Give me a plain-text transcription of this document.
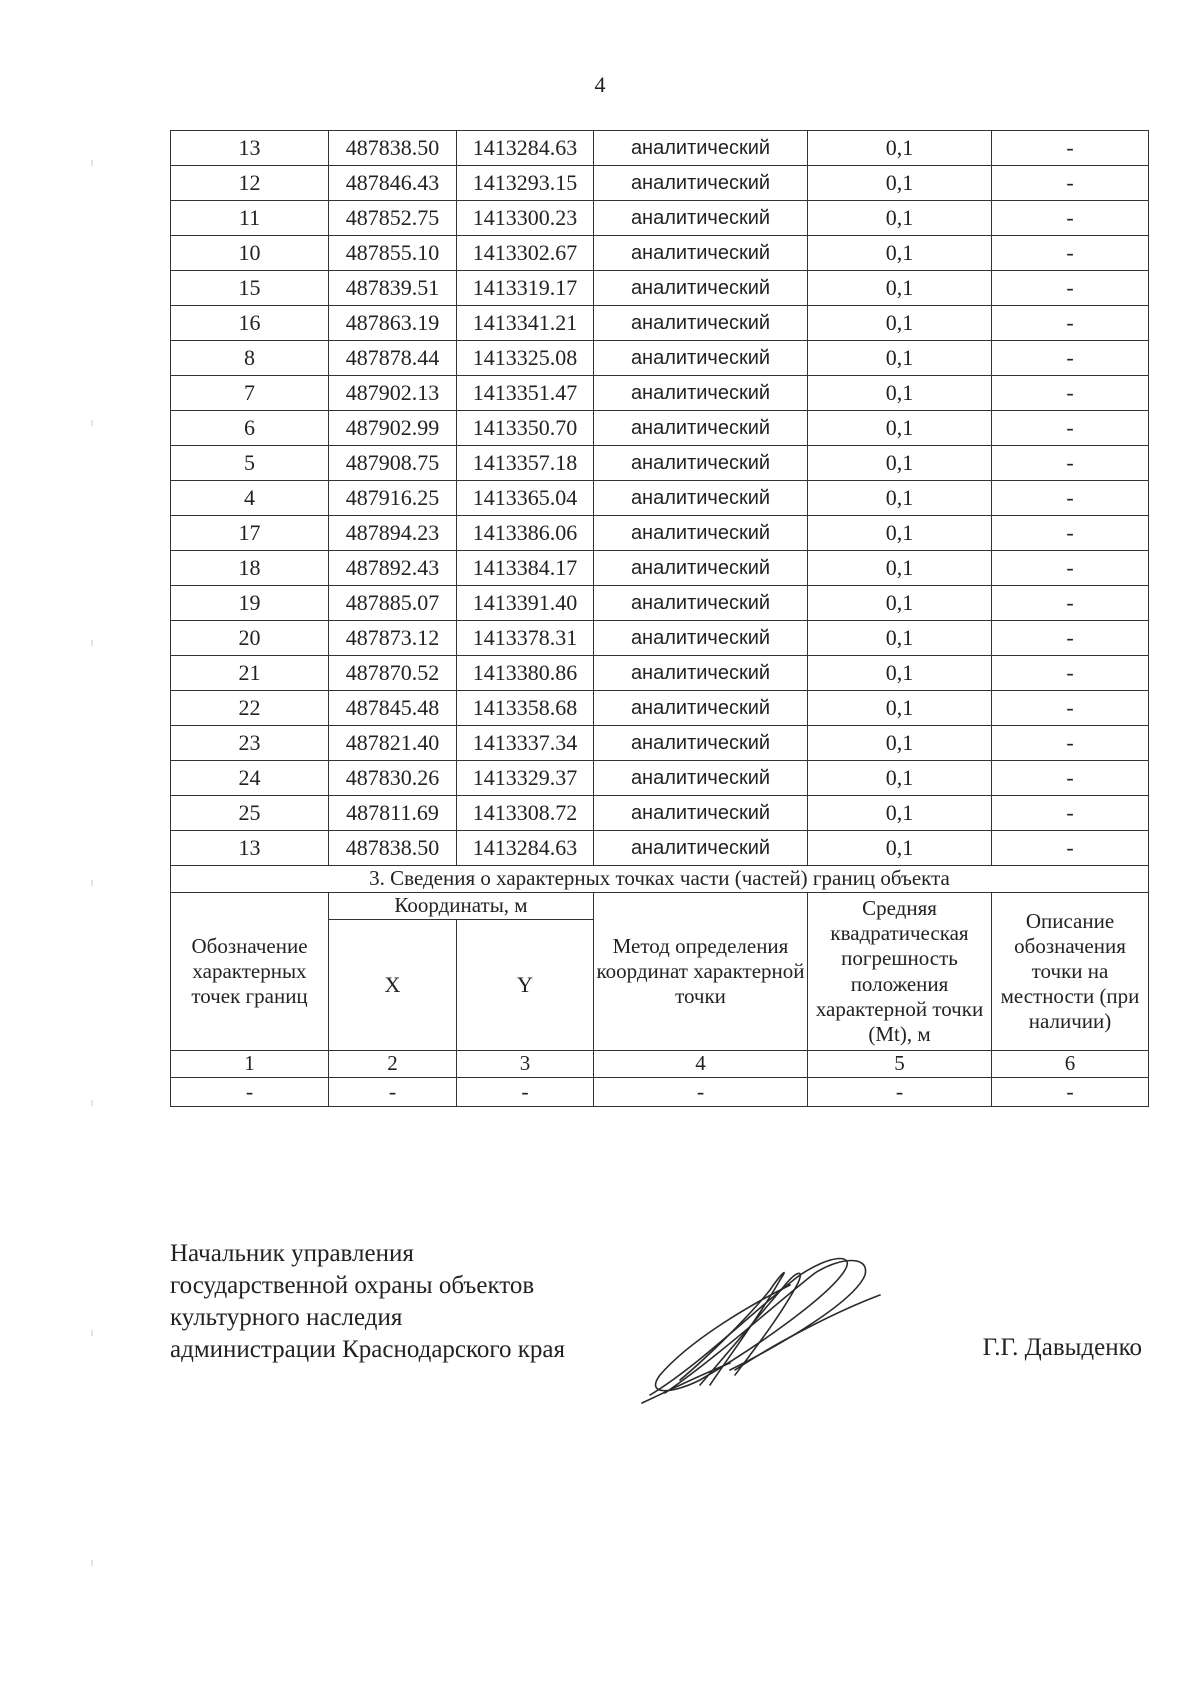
4
13	487838.50	1413284.63	аналитический	0,1	-
12	487846.43	1413293.15	аналитический	0,1	-
11	487852.75	1413300.23	аналитический	0,1	-
10	487855.10	1413302.67	аналитический	0,1	-
15	487839.51	1413319.17	аналитический	0,1	-
16	487863.19	1413341.21	аналитический	0,1	-
8	487878.44	1413325.08	аналитический	0,1	-
7	487902.13	1413351.47	аналитический	0,1	-
6	487902.99	1413350.70	аналитический	0,1	-
5	487908.75	1413357.18	аналитический	0,1	-
4	487916.25	1413365.04	аналитический	0,1	-
17	487894.23	1413386.06	аналитический	0,1	-
18	487892.43	1413384.17	аналитический	0,1	-
19	487885.07	1413391.40	аналитический	0,1	-
20	487873.12	1413378.31	аналитический	0,1	-
21	487870.52	1413380.86	аналитический	0,1	-
22	487845.48	1413358.68	аналитический	0,1	-
23	487821.40	1413337.34	аналитический	0,1	-
24	487830.26	1413329.37	аналитический	0,1	-
25	487811.69	1413308.72	аналитический	0,1	-
13	487838.50	1413284.63	аналитический	0,1	-
3. Сведения о характерных точках части (частей) границ объекта					
Обозначение характерных точек границ	Координаты, м		Метод определения координат характерной точки	Средняя квадратическая погрешность положения характерной точки (Mt), м	Описание обозначения точки на местности (при наличии)
	X	Y			
1	2	3	4	5	6
-	-	-	-	-	-
Начальник управления
государственной охраны объектов
культурного наследия
администрации Краснодарского края	Г.Г. Давыденко
